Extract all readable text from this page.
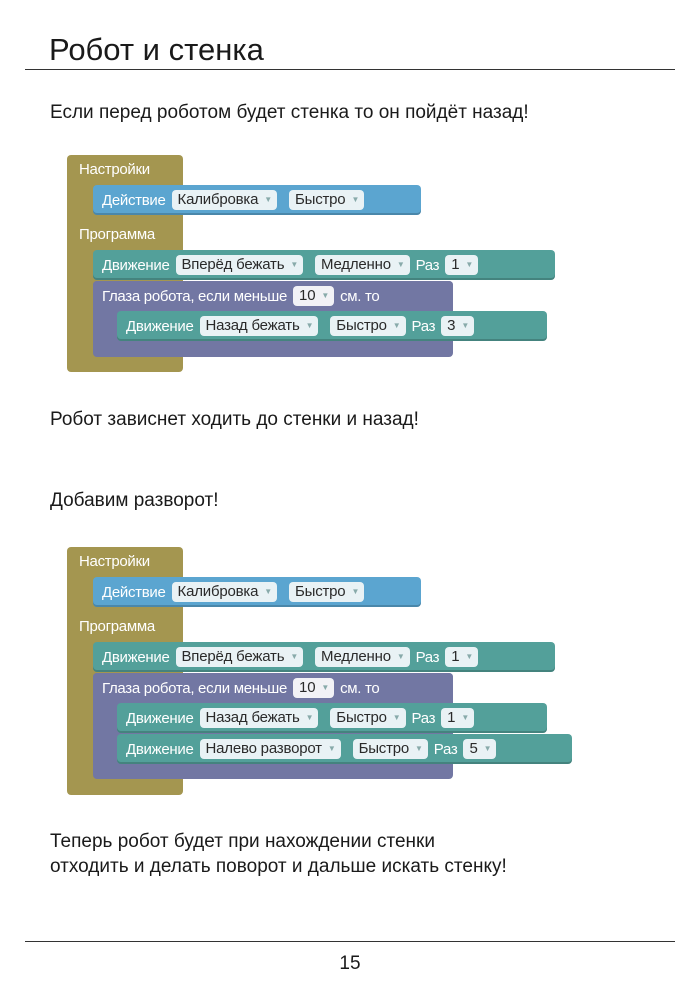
Робот и стенка
Если перед роботом будет стенка то он пойдёт назад!
Настройки
Программа
Действие Калибровка ▼ Быстро ▼
Движение Вперёд бежать ▼ Медленно ▼ Раз 1 ▼
Глаза робота, если меньше 10 ▼ см. то
Движение Назад бежать ▼ Быстро ▼ Раз 3 ▼
Робот зависнет ходить до стенки и назад!
Добавим разворот!
Настройки
Программа
Действие Калибровка ▼ Быстро ▼
Движение Вперёд бежать ▼ Медленно ▼ Раз 1 ▼
Глаза робота, если меньше 10 ▼ см. то
Движение Назад бежать ▼ Быстро ▼ Раз 1 ▼
Движение Налево разворот ▼ Быстро ▼ Раз 5 ▼
Теперь робот будет при нахождении стенки
отходить и делать поворот и дальше искать стенку!
15
